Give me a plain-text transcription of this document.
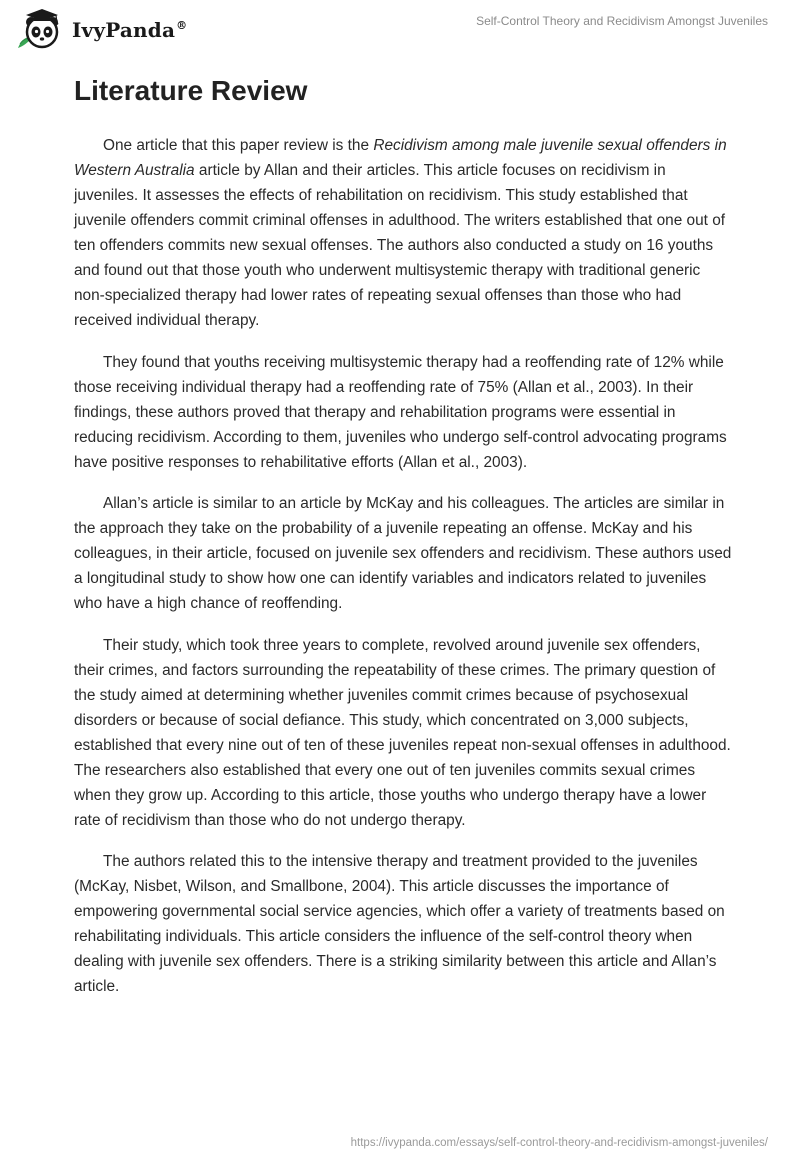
IvyPanda®	Self-Control Theory and Recidivism Amongst Juveniles
Literature Review

One article that this paper review is the Recidivism among male juvenile sexual offenders in Western Australia article by Allan and their articles. This article focuses on recidivism in juveniles. It assesses the effects of rehabilitation on recidivism. This study established that juvenile offenders commit criminal offenses in adulthood. The writers established that one out of ten offenders commits new sexual offenses. The authors also conducted a study on 16 youths and found out that those youth who underwent multisystemic therapy with traditional generic non-specialized therapy had lower rates of repeating sexual offenses than those who had received individual therapy.

They found that youths receiving multisystemic therapy had a reoffending rate of 12% while those receiving individual therapy had a reoffending rate of 75% (Allan et al., 2003). In their findings, these authors proved that therapy and rehabilitation programs were essential in reducing recidivism. According to them, juveniles who undergo self-control advocating programs have positive responses to rehabilitative efforts (Allan et al., 2003).

Allan’s article is similar to an article by McKay and his colleagues. The articles are similar in the approach they take on the probability of a juvenile repeating an offense. McKay and his colleagues, in their article, focused on juvenile sex offenders and recidivism. These authors used a longitudinal study to show how one can identify variables and indicators related to juveniles who have a high chance of reoffending.

Their study, which took three years to complete, revolved around juvenile sex offenders, their crimes, and factors surrounding the repeatability of these crimes. The primary question of the study aimed at determining whether juveniles commit crimes because of psychosexual disorders or because of social defiance. This study, which concentrated on 3,000 subjects, established that every nine out of ten of these juveniles repeat non-sexual offenses in adulthood. The researchers also established that every one out of ten juveniles commits sexual crimes when they grow up. According to this article, those youths who undergo therapy have a lower rate of recidivism than those who do not undergo therapy.

The authors related this to the intensive therapy and treatment provided to the juveniles (McKay, Nisbet, Wilson, and Smallbone, 2004). This article discusses the importance of empowering governmental social service agencies, which offer a variety of treatments based on rehabilitating individuals. This article considers the influence of the self-control theory when dealing with juvenile sex offenders. There is a striking similarity between this article and Allan’s article.

https://ivypanda.com/essays/self-control-theory-and-recidivism-amongst-juveniles/
